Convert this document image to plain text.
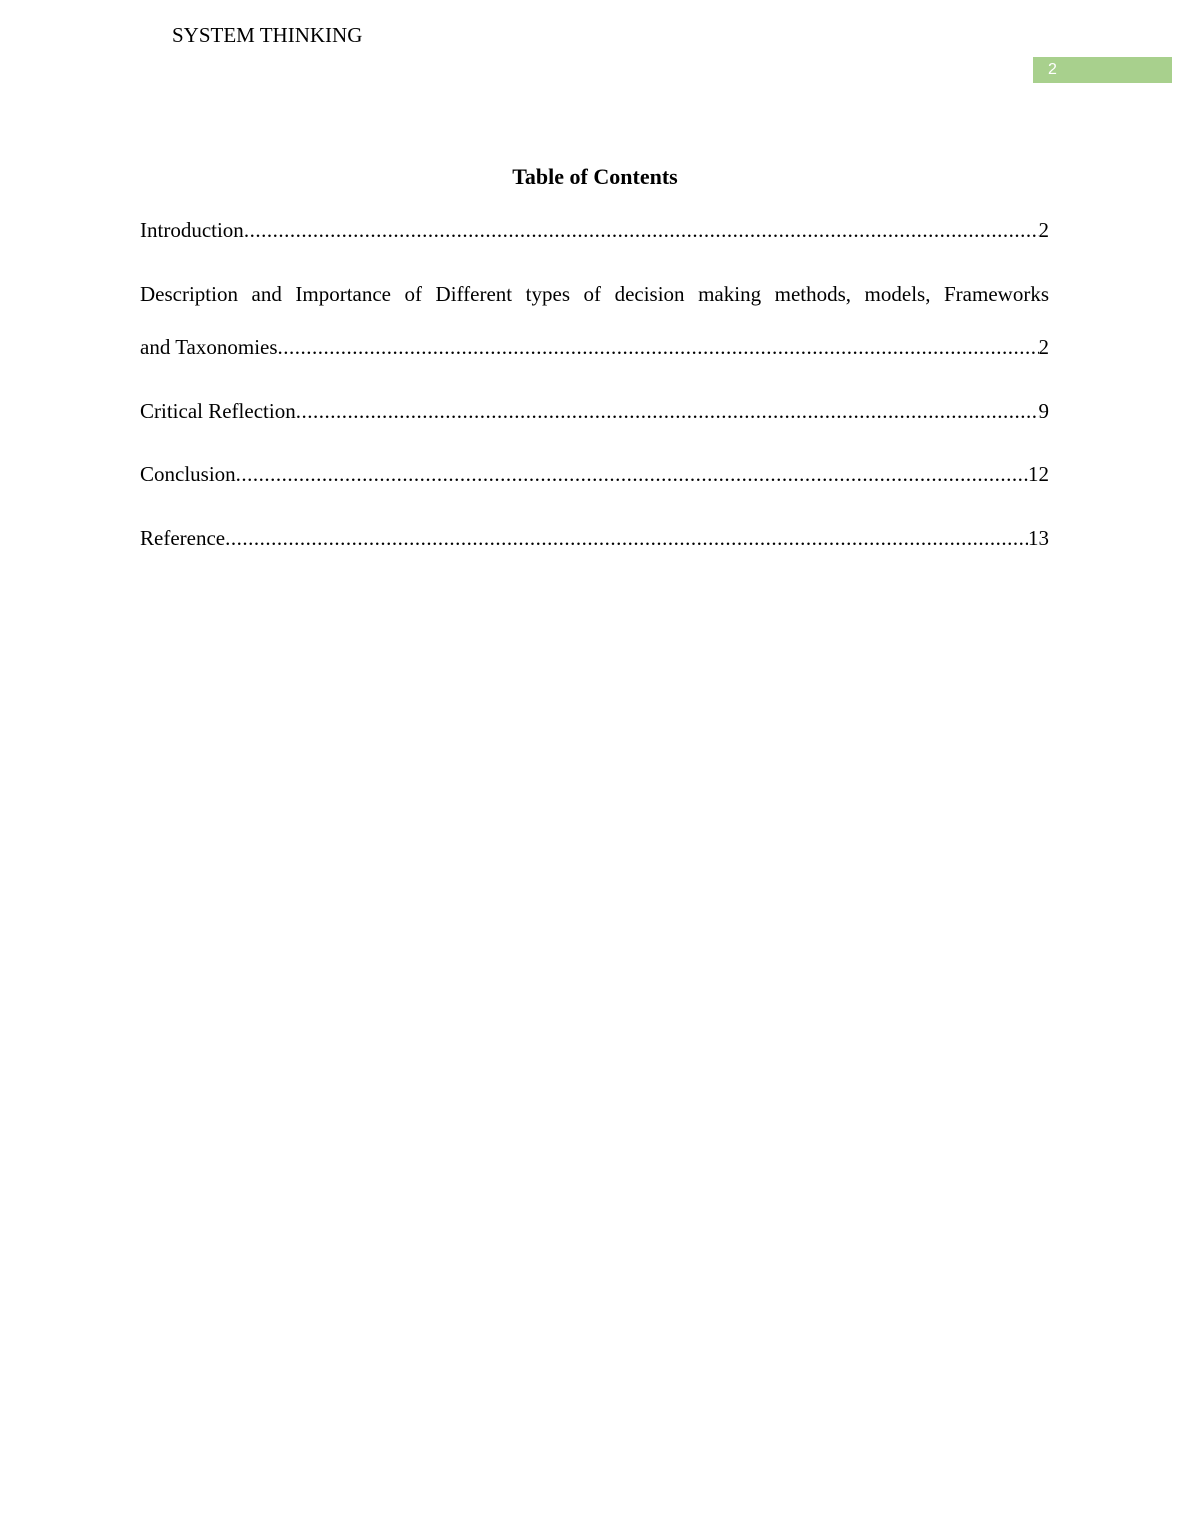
SYSTEM THINKING
2
Table of Contents
Introduction .....	2
Description and Importance of Different types of decision making methods, models, Frameworks
and Taxonomies .....	2
Critical Reflection .....	9
Conclusion .....	12
Reference .....	13
